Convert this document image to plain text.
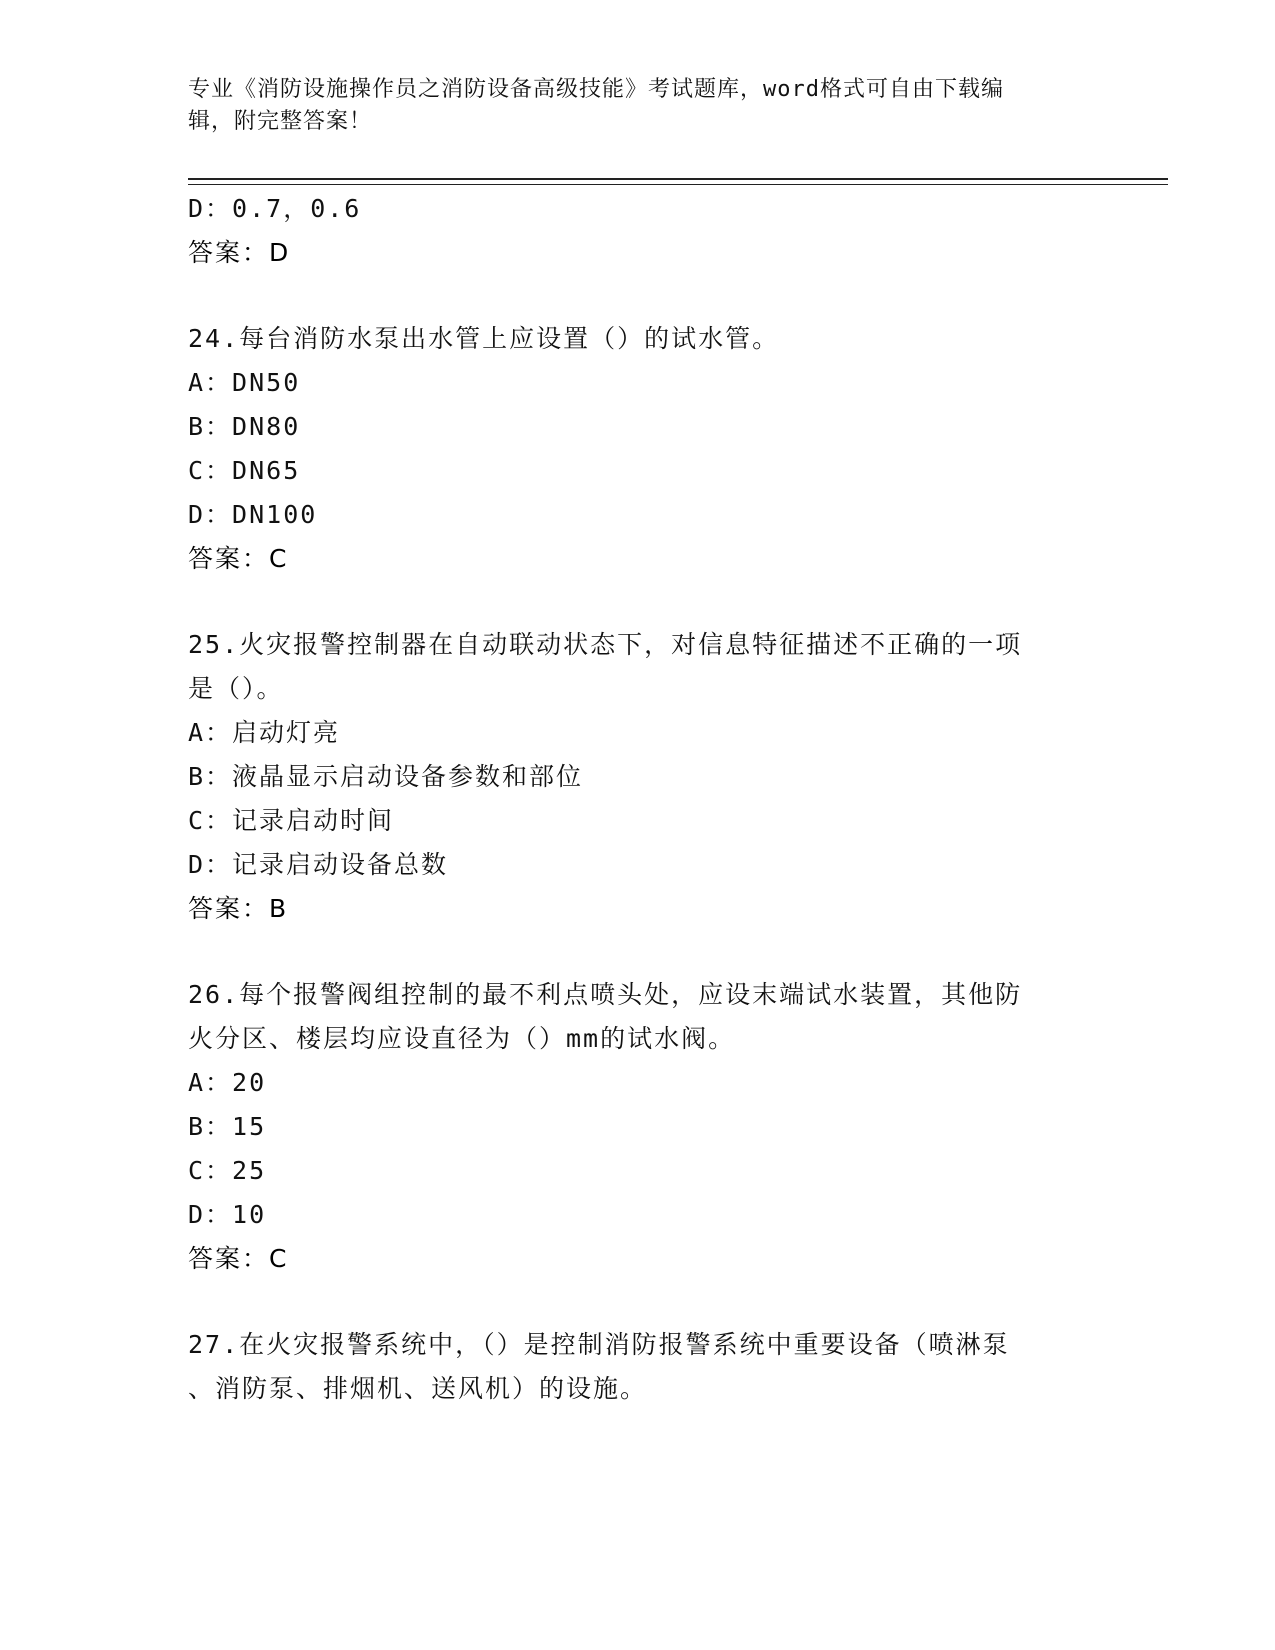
专业《消防设施操作员之消防设备高级技能》考试题库，word格式可自由下载编
辑，附完整答案！
D：0.7，0.6
答案：D
24.每台消防水泵出水管上应设置（）的试水管。
A：DN50
B：DN80
C：DN65
D：DN100
答案：C
25.火灾报警控制器在自动联动状态下，对信息特征描述不正确的一项
是（）。
A：启动灯亮
B：液晶显示启动设备参数和部位
C：记录启动时间
D：记录启动设备总数
答案：B
26.每个报警阀组控制的最不利点喷头处，应设末端试水装置，其他防
火分区、楼层均应设直径为（）mm的试水阀。
A：20
B：15
C：25
D：10
答案：C
27.在火灾报警系统中，（）是控制消防报警系统中重要设备（喷淋泵
、消防泵、排烟机、送风机）的设施。
